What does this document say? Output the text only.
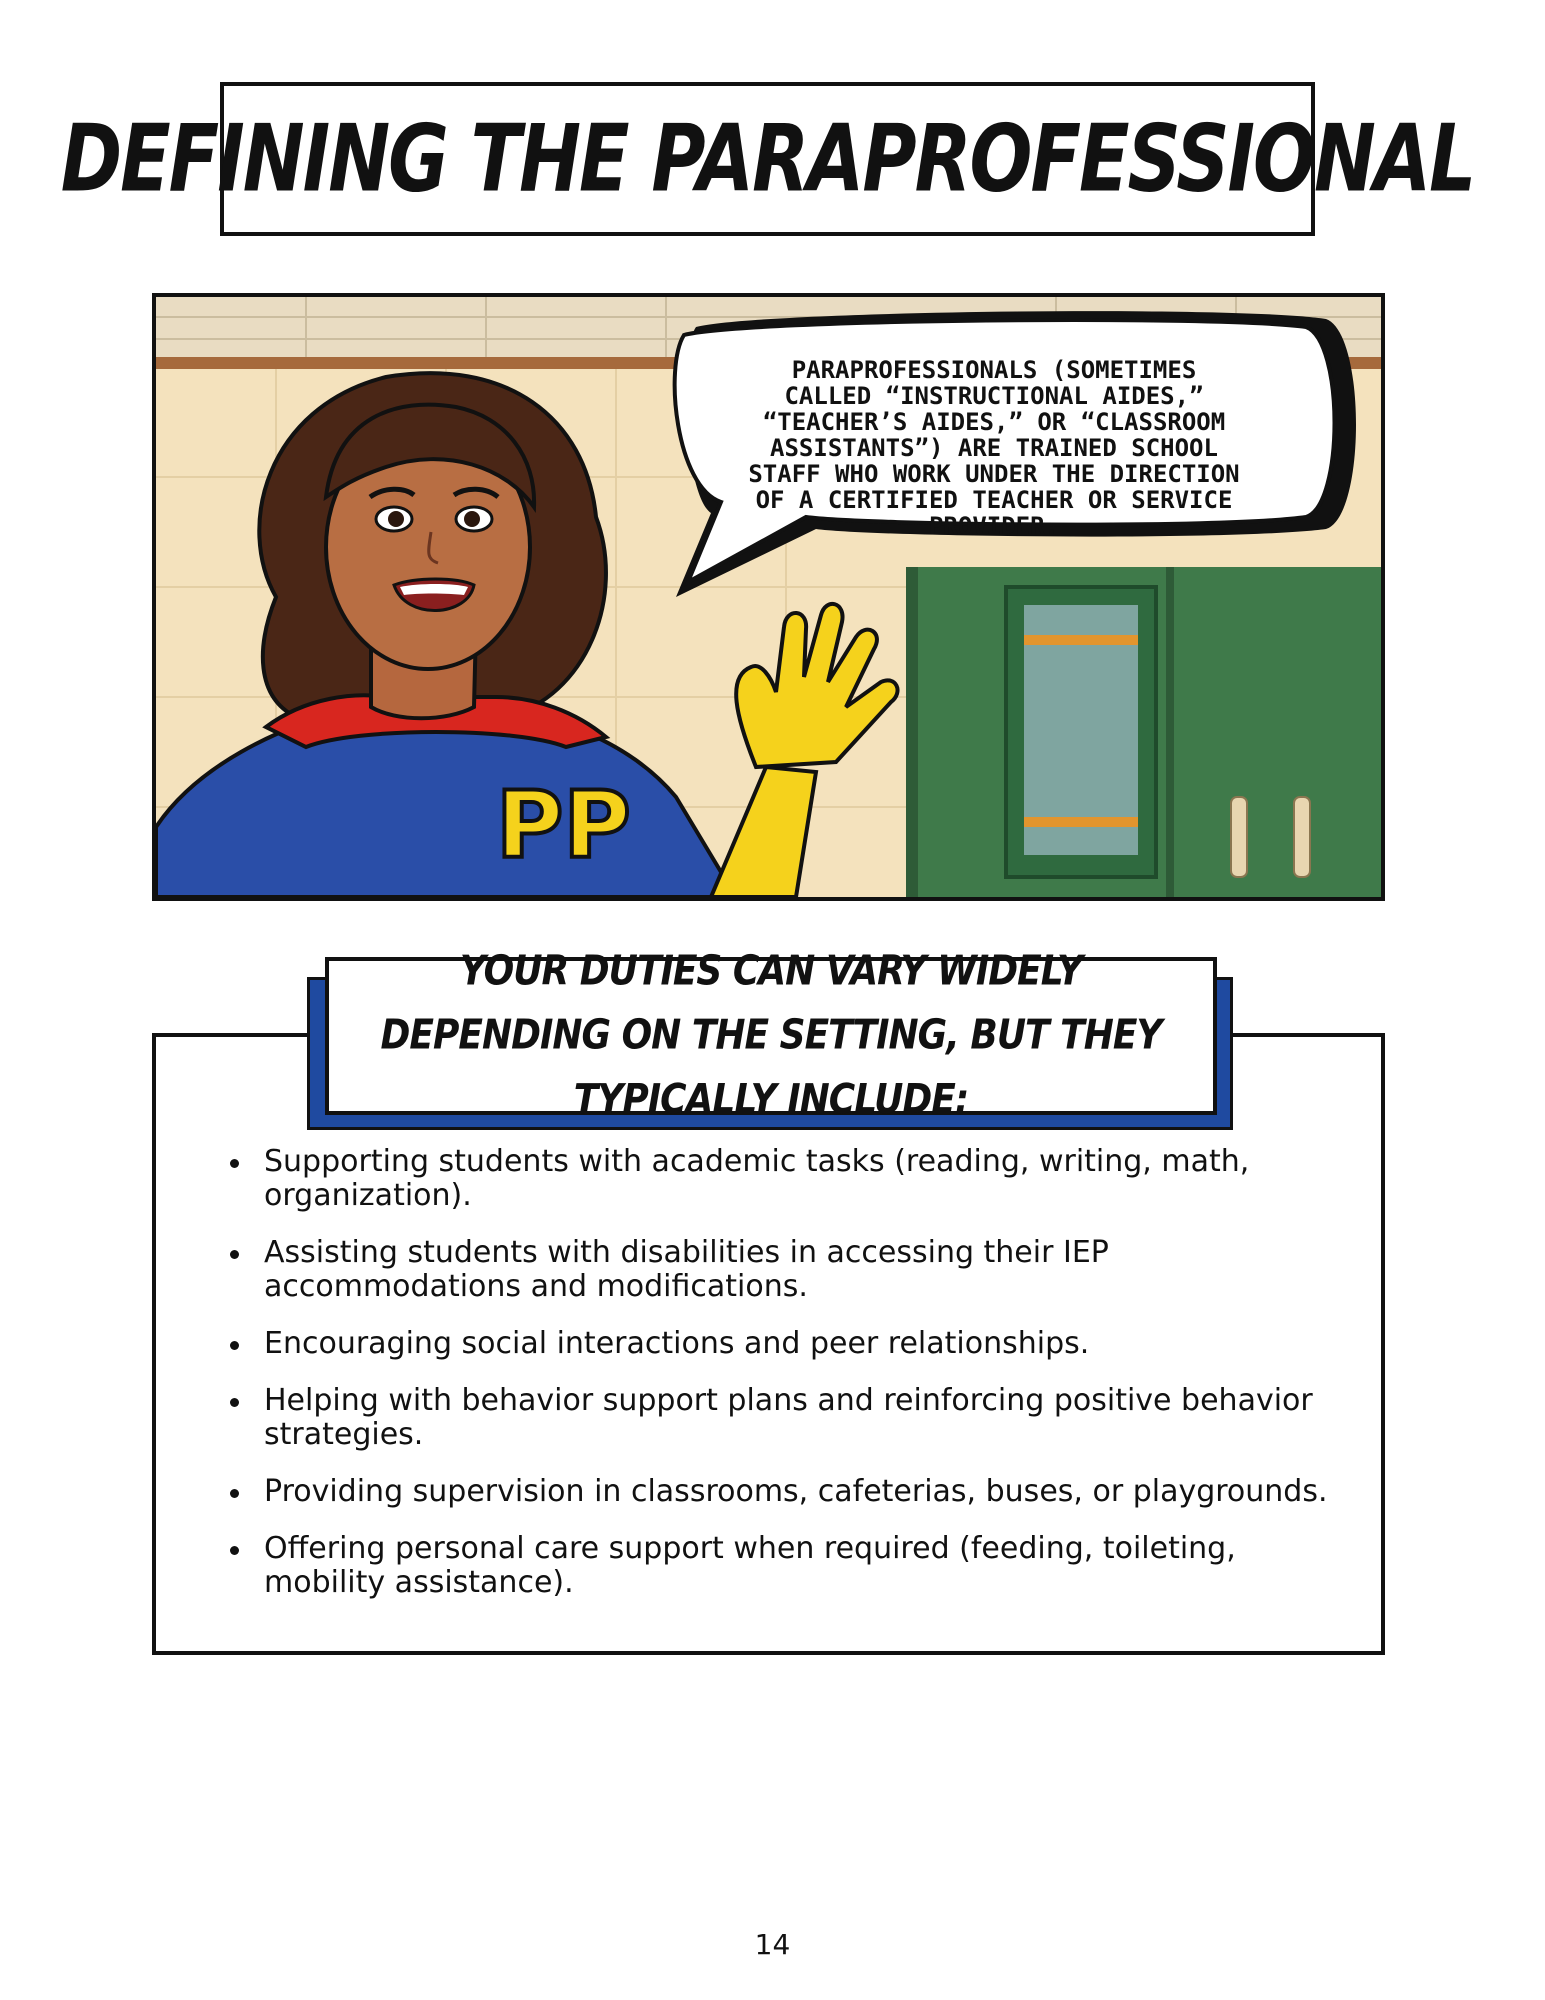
DEFINING THE PARAPROFESSIONAL
PP
PARAPROFESSIONALS (SOMETIMES CALLED “INSTRUCTIONAL AIDES,” “TEACHER’S AIDES,” OR “CLASSROOM ASSISTANTS”) ARE TRAINED SCHOOL STAFF WHO WORK UNDER THE DIRECTION OF A CERTIFIED TEACHER OR SERVICE PROVIDER.
YOUR DUTIES CAN VARY WIDELY DEPENDING ON THE SETTING, BUT THEY TYPICALLY INCLUDE:
Supporting students with academic tasks (reading, writing, math, organization).
Assisting students with disabilities in accessing their IEP accommodations and modifications.
Encouraging social interactions and peer relationships.
Helping with behavior support plans and reinforcing positive behavior strategies.
Providing supervision in classrooms, cafeterias, buses, or playgrounds.
Offering personal care support when required (feeding, toileting, mobility assistance).
14
